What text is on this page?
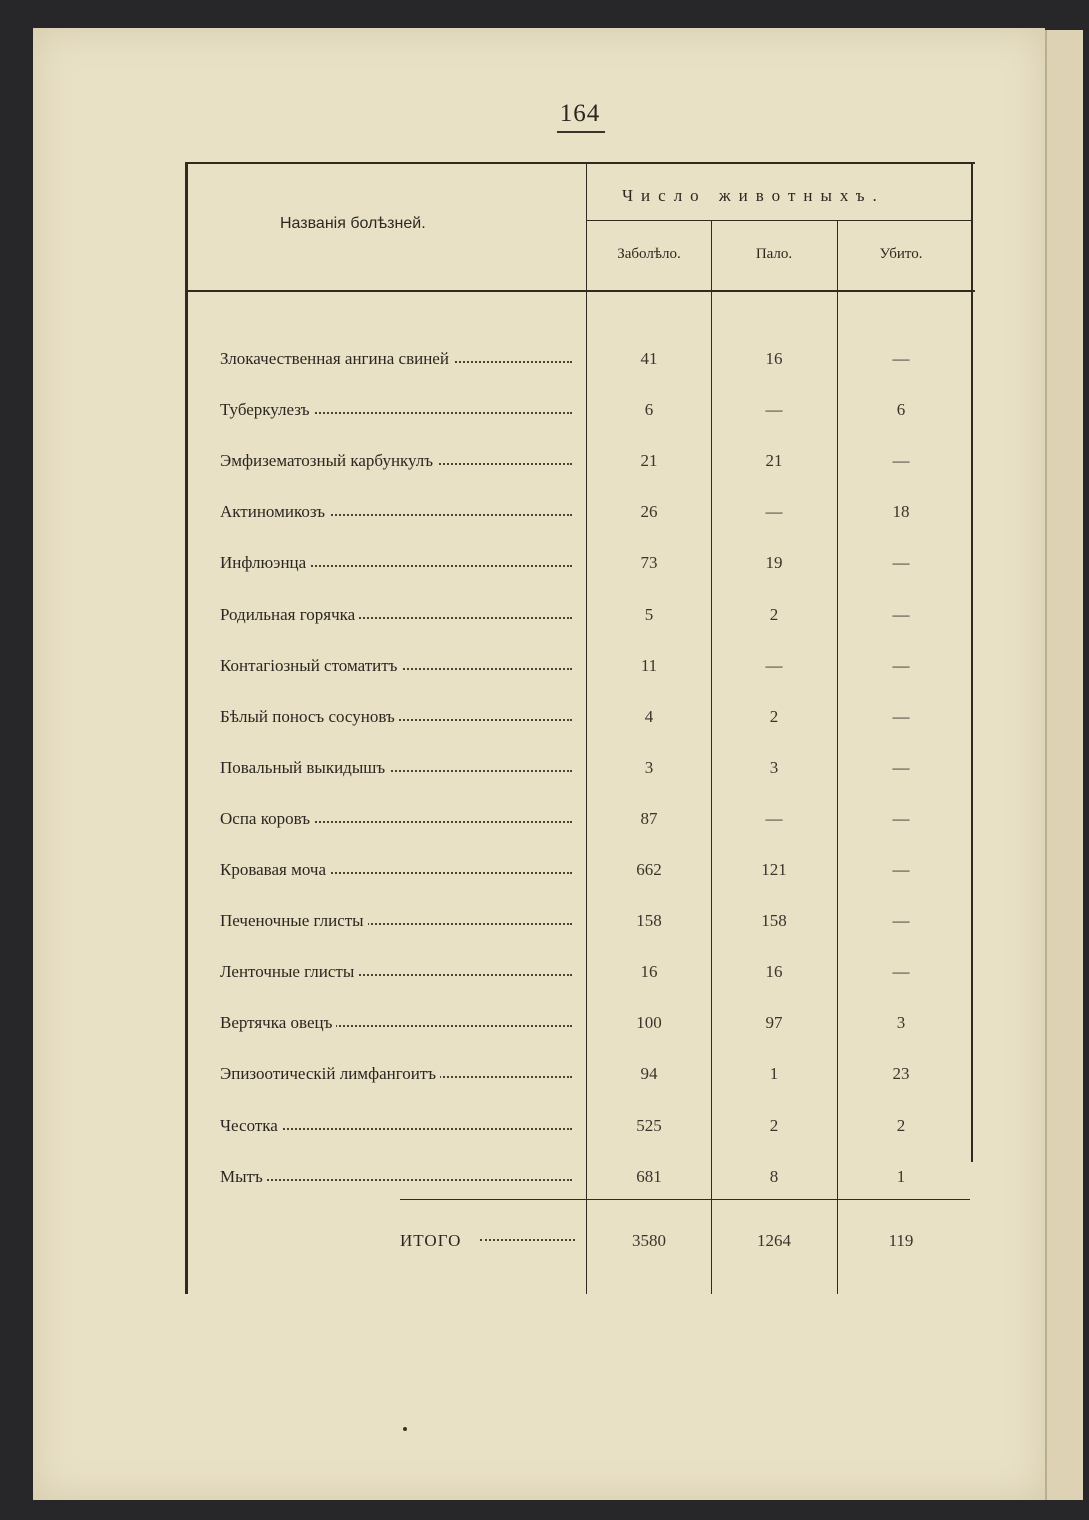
164
Названія болѣзней.
Число животныхъ.
Заболѣло.	Пало.	Убито.
Злокачественная ангина свиней	41	16	—
Туберкулезъ	6	—	6
Эмфизематозный карбункулъ	21	21	—
Актиномикозъ	26	—	18
Инфлюэнца	73	19	—
Родильная горячка	5	2	—
Контагіозный стоматитъ	11	—	—
Бѣлый поносъ сосуновъ	4	2	—
Повальный выкидышъ	3	3	—
Оспа коровъ	87	—	—
Кровавая моча	662	121	—
Печеночные глисты	158	158	—
Ленточные глисты	16	16	—
Вертячка овецъ	100	97	3
Эпизоотическій лимфангоитъ	94	1	23
Чесотка	525	2	2
Мытъ	681	8	1
ИТОГО	3580	1264	119
